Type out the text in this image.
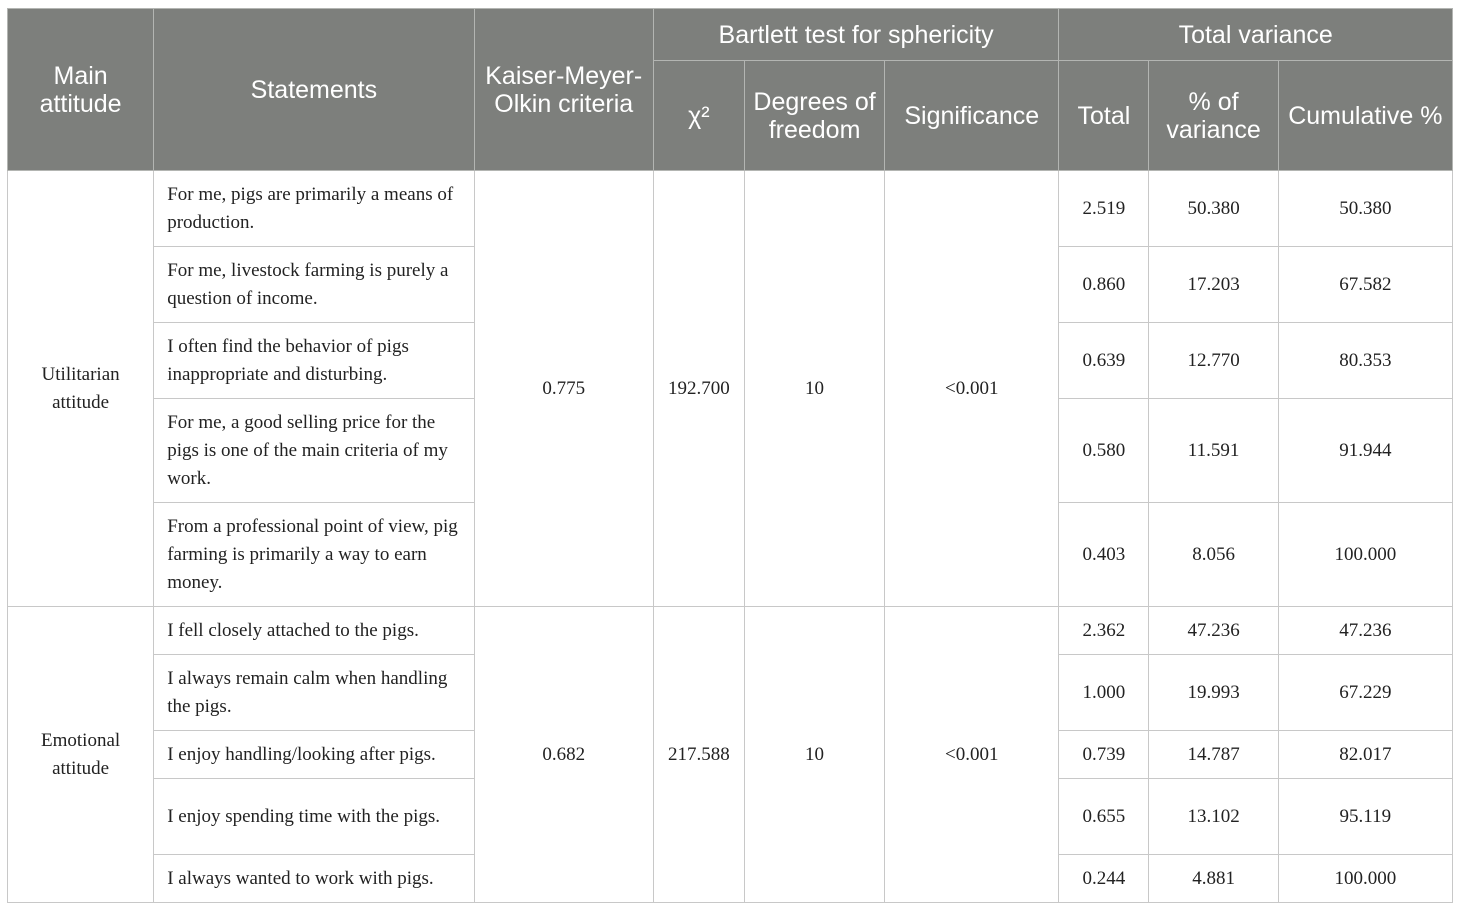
Main attitude	Statements	Kaiser-Meyer-Olkin criteria	Bartlett test for sphericity			Total variance		
			χ²	Degrees of freedom	Significance	Total	% of variance	Cumulative %
Utilitarian attitude	For me, pigs are primarily a means of production.	0.775	192.700	10	<0.001	2.519	50.380	50.380
	For me, livestock farming is purely a question of income.					0.860	17.203	67.582
	I often find the behavior of pigs inappropriate and disturbing.					0.639	12.770	80.353
	For me, a good selling price for the pigs is one of the main criteria of my work.					0.580	11.591	91.944
	From a professional point of view, pig farming is primarily a way to earn money.					0.403	8.056	100.000
Emotional attitude	I fell closely attached to the pigs.	0.682	217.588	10	<0.001	2.362	47.236	47.236
	I always remain calm when handling the pigs.					1.000	19.993	67.229
	I enjoy handling/looking after pigs.					0.739	14.787	82.017
	I enjoy spending time with the pigs.					0.655	13.102	95.119
	I always wanted to work with pigs.					0.244	4.881	100.000
